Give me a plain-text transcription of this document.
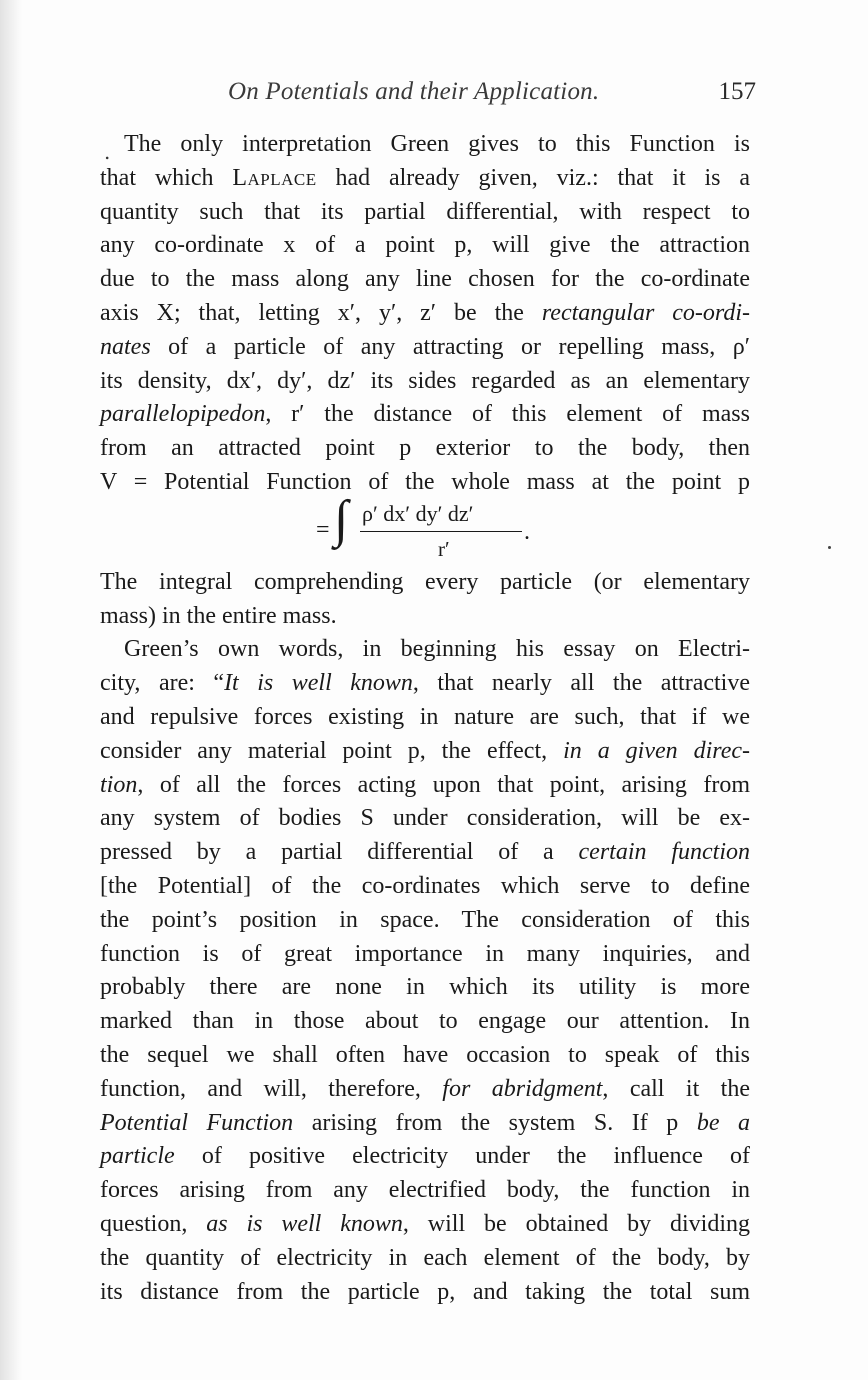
.
On Potentials and their Application.	157
The only interpretation Green gives to this Function is
that which Laplace had already given, viz.: that it is a
quantity such that its partial differential, with respect to
any co-ordinate x of a point p, will give the attraction
due to the mass along any line chosen for the co-ordinate
axis X; that, letting x′, y′, z′ be the rectangular co-ordi-
nates of a particle of any attracting or repelling mass, ρ′
its density, dx′, dy′, dz′ its sides regarded as an elementary
parallelopipedon, r′ the distance of this element of mass
from an attracted point p exterior to the body, then
V = Potential Function of the whole mass at the point p
= ∫ ρ′ dx′ dy′ dz′
r′
.
The integral comprehending every particle (or elementary
mass) in the entire mass.
Green’s own words, in beginning his essay on Electri-
city, are: “It is well known, that nearly all the attractive
and repulsive forces existing in nature are such, that if we
consider any material point p, the effect, in a given direc-
tion, of all the forces acting upon that point, arising from
any system of bodies S under consideration, will be ex-
pressed by a partial differential of a certain function
[the Potential] of the co-ordinates which serve to define
the point’s position in space. The consideration of this
function is of great importance in many inquiries, and
probably there are none in which its utility is more
marked than in those about to engage our attention. In
the sequel we shall often have occasion to speak of this
function, and will, therefore, for abridgment, call it the
Potential Function arising from the system S. If p be a
particle of positive electricity under the influence of
forces arising from any electrified body, the function in
question, as is well known, will be obtained by dividing
the quantity of electricity in each element of the body, by
its distance from the particle p, and taking the total sum
